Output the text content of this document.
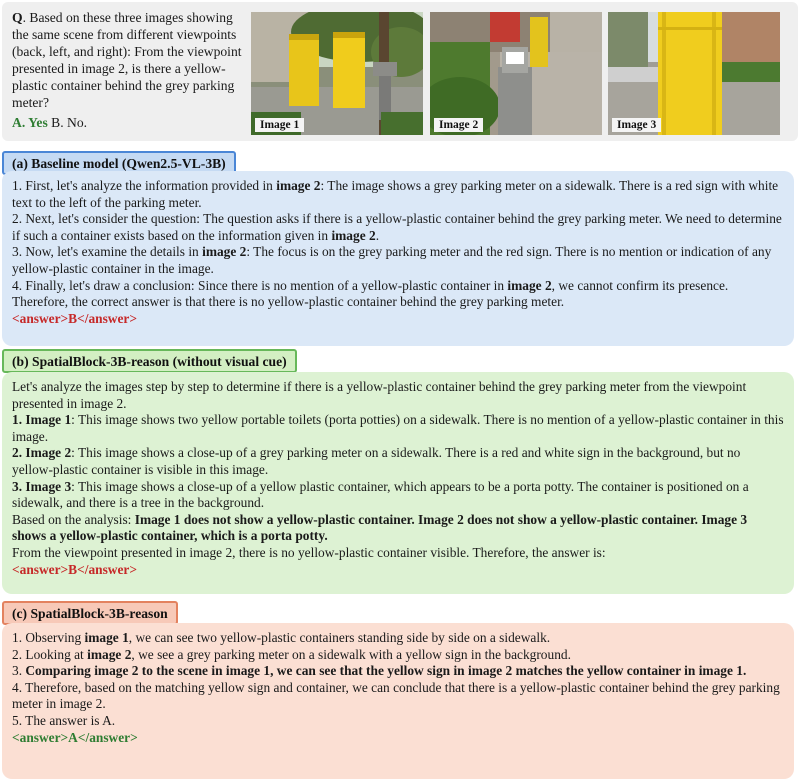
Q. Based on these three images showing the same scene from different viewpoints (back, left, and right): From the viewpoint presented in image 2, is there a yellow-plastic container behind the grey parking meter?
A. Yes B. No.	Image 1	Image 2	Image 3
(a) Baseline model (Qwen2.5-VL-3B)
1. First, let's analyze the information provided in image 2: The image shows a grey parking meter on a sidewalk. There is a red sign with white text to the left of the parking meter.
2. Next, let's consider the question: The question asks if there is a yellow-plastic container behind the grey parking meter. We need to determine if such a container exists based on the information given in image 2.
3. Now, let's examine the details in image 2: The focus is on the grey parking meter and the red sign. There is no mention or indication of any yellow-plastic container in the image.
4. Finally, let's draw a conclusion: Since there is no mention of a yellow-plastic container in image 2, we cannot confirm its presence. Therefore, the correct answer is that there is no yellow-plastic container behind the grey parking meter.
<answer>B</answer>
(b) SpatialBlock-3B-reason (without visual cue)
Let's analyze the images step by step to determine if there is a yellow-plastic container behind the grey parking meter from the viewpoint presented in image 2.
1. Image 1: This image shows two yellow portable toilets (porta potties) on a sidewalk. There is no mention of a yellow-plastic container in this image.
2. Image 2: This image shows a close-up of a grey parking meter on a sidewalk. There is a red and white sign in the background, but no yellow-plastic container is visible in this image.
3. Image 3: This image shows a close-up of a yellow plastic container, which appears to be a porta potty. The container is positioned on a sidewalk, and there is a tree in the background.
Based on the analysis: Image 1 does not show a yellow-plastic container. Image 2 does not show a yellow-plastic container. Image 3 shows a yellow-plastic container, which is a porta potty.
From the viewpoint presented in image 2, there is no yellow-plastic container visible. Therefore, the answer is:
<answer>B</answer>
(c) SpatialBlock-3B-reason
1. Observing image 1, we can see two yellow-plastic containers standing side by side on a sidewalk.
2. Looking at image 2, we see a grey parking meter on a sidewalk with a yellow sign in the background.
3. Comparing image 2 to the scene in image 1, we can see that the yellow sign in image 2 matches the yellow container in image 1.
4. Therefore, based on the matching yellow sign and container, we can conclude that there is a yellow-plastic container behind the grey parking meter in image 2.
5. The answer is A.
<answer>A</answer>
